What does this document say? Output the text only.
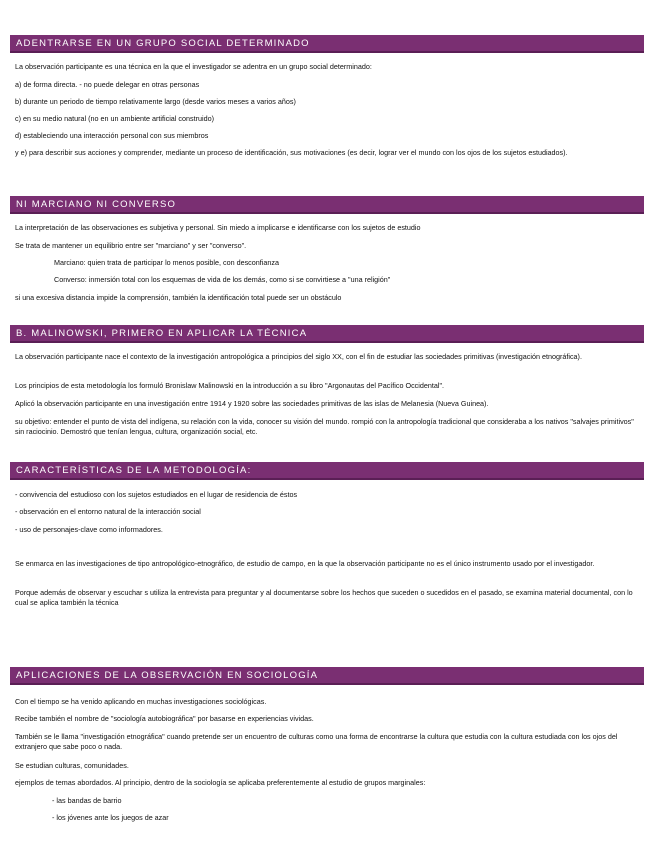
ADENTRARSE EN UN GRUPO SOCIAL DETERMINADO
La observación participante es una técnica en la que el investigador se adentra en un grupo social determinado:
a) de forma directa. - no puede delegar en otras personas
b) durante un periodo de tiempo relativamente largo (desde varios meses a varios años)
c) en su medio natural (no en un ambiente artificial construido)
d) estableciendo una interacción personal con sus miembros
y e) para describir sus acciones y comprender, mediante un proceso de identificación, sus motivaciones (es decir, lograr ver el mundo con los ojos de los sujetos estudiados).
NI MARCIANO NI CONVERSO
La interpretación de las observaciones es subjetiva y personal. Sin miedo a implicarse e identificarse con los sujetos de estudio
Se trata de mantener un equilibrio entre ser "marciano" y ser "converso".
Marciano: quien trata de participar lo menos posible, con desconfianza
Converso: inmersión total con los esquemas de vida de los demás, como si se convirtiese a "una religión"
si una excesiva distancia impide la comprensión, también la identificación total puede ser un obstáculo
B. MALINOWSKI, PRIMERO EN APLICAR LA TÉCNICA
La observación participante nace el contexto de la investigación antropológica a principios del siglo XX, con el fin de estudiar las sociedades primitivas (investigación etnográfica).
Los principios de esta metodología los formuló Bronislaw Malinowski en la introducción a su libro "Argonautas del Pacífico Occidental".
Aplicó la observación participante en una investigación entre 1914 y 1920 sobre las sociedades primitivas de las islas de Melanesia (Nueva Guinea).
su objetivo: entender el punto de vista del indígena, su relación con la vida, conocer su visión del mundo. rompió con la antropología tradicional que consideraba a los nativos "salvajes primitivos" sin raciocinio. Demostró que tenían lengua, cultura, organización social, etc.
CARACTERÍSTICAS DE LA METODOLOGÍA:
- convivencia del estudioso con los sujetos estudiados en el lugar de residencia de éstos
- observación en el entorno natural de la interacción social
- uso de personajes-clave como informadores.
Se enmarca en las investigaciones de tipo antropológico-etnográfico, de estudio de campo, en la que la observación participante no es el único instrumento usado por el investigador.
Porque además de observar y escuchar s utiliza la entrevista para preguntar y al documentarse sobre los hechos que suceden o sucedidos en el pasado, se examina material documental, con lo cual se aplica también la técnica
APLICACIONES DE LA OBSERVACIÓN EN SOCIOLOGÍA
Con el tiempo se ha venido aplicando en muchas investigaciones sociológicas.
Recibe también el nombre de "sociología autobiográfica" por basarse en experiencias vividas.
También se le llama "investigación etnográfica" cuando pretende ser un encuentro de culturas como una forma de encontrarse la cultura que estudia con la cultura estudiada con los ojos del extranjero que sabe poco o nada.
Se estudian culturas, comunidades.
ejemplos de temas abordados. Al principio, dentro de la sociología se aplicaba preferentemente al estudio de grupos marginales:
- las bandas de barrio
- los jóvenes ante los juegos de azar
